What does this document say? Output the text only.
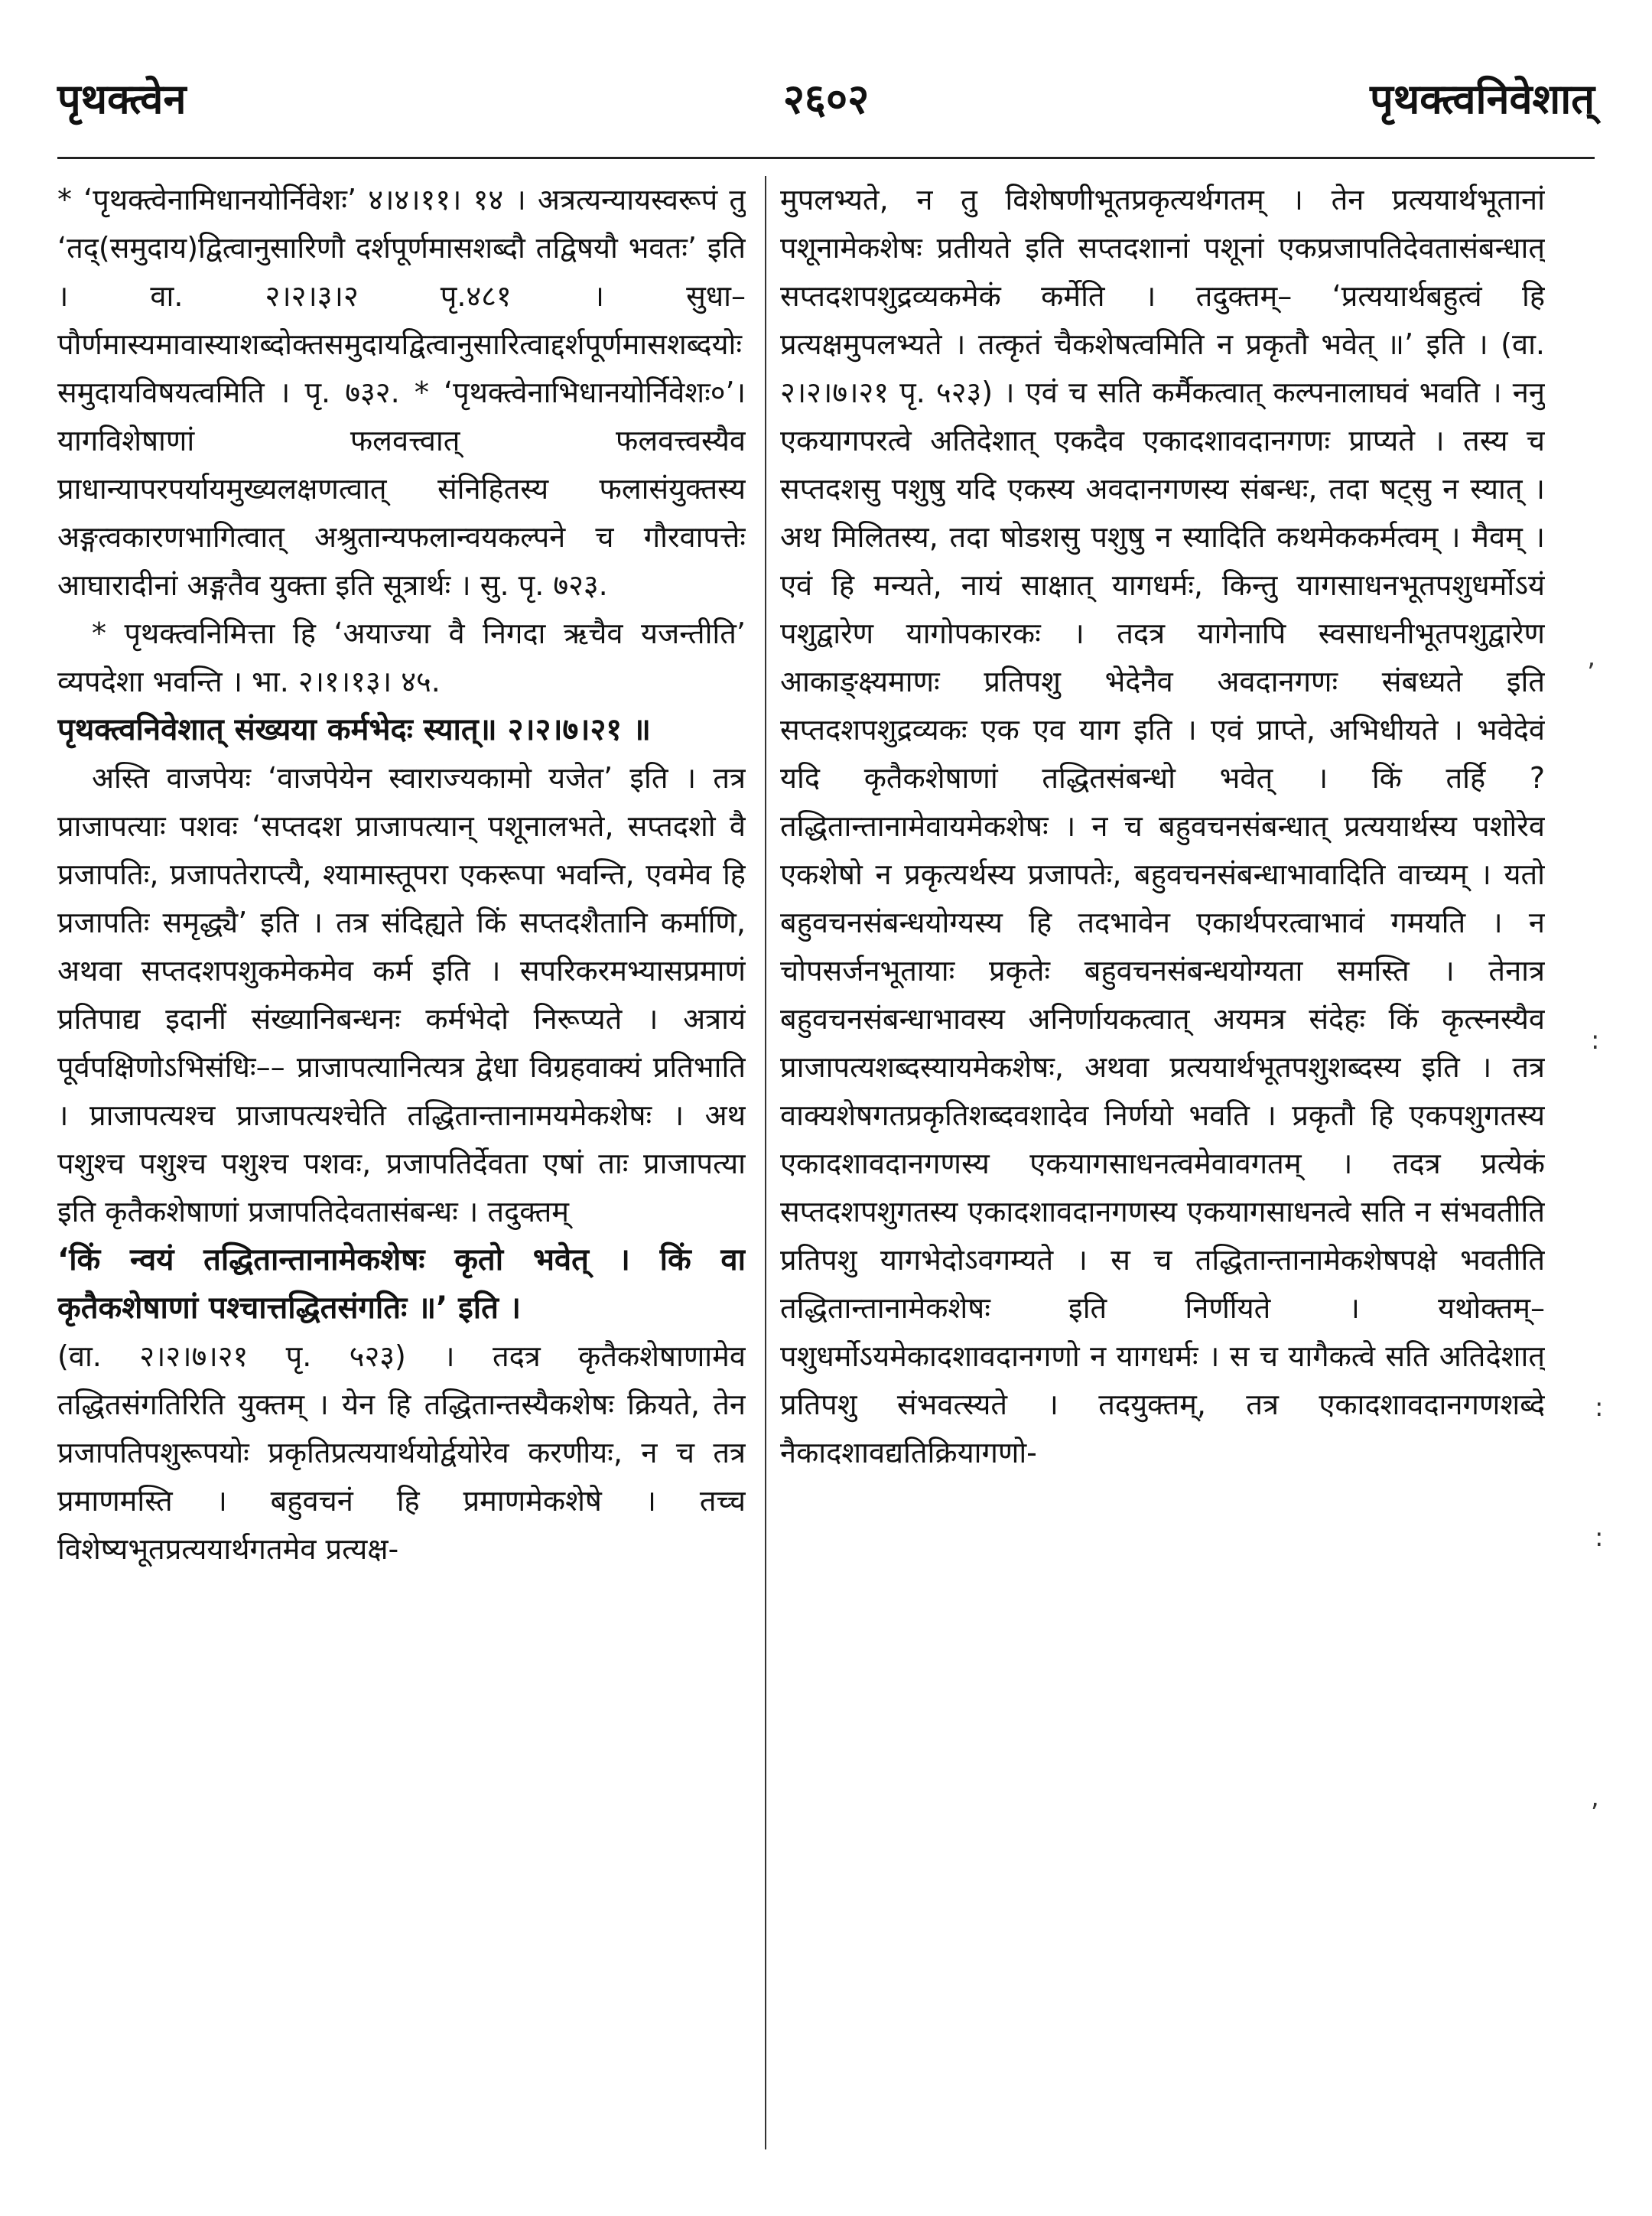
पृथक्त्वेन	२६०२	पृथक्त्वनिवेशात्
’
:
:
:
,

* ‘पृथक्त्वेनामिधानयोर्निवेशः’ ४।४।११। १४ । अत्रत्यन्यायस्वरूपं तु ‘तद्(समुदाय)द्वित्वानुसारिणौ दर्शपूर्णमासशब्दौ तद्विषयौ भवतः’ इति । वा. २।२।३।२ पृ.४८१ । सुधा– पौर्णमास्यमावास्याशब्दोक्तसमुदायद्वित्वानुसारित्वाद्दर्शपूर्णमासशब्दयोः समुदायविषयत्वमिति । पृ. ७३२. * ‘पृथक्त्वेनाभिधानयोर्निवेशः०’। यागविशेषाणां फलवत्त्वात् फलवत्त्वस्यैव प्राधान्यापरपर्यायमुख्यलक्षणत्वात् संनिहितस्य फलासंयुक्तस्य अङ्गत्वकारणभागित्वात् अश्रुतान्यफलान्वयकल्पने च गौरवापत्तेः आघारादीनां अङ्गतैव युक्ता इति सूत्रार्थः । सु. पृ. ७२३.

* पृथक्त्वनिमित्ता हि ‘अयाज्या वै निगदा ऋचैव यजन्तीति’ व्यपदेशा भवन्ति । भा. २।१।१३। ४५.

पृथक्त्वनिवेशात् संख्यया कर्मभेदः स्यात्॥ २।२।७।२१ ॥

अस्ति वाजपेयः ‘वाजपेयेन स्वाराज्यकामो यजेत’ इति । तत्र प्राजापत्याः पशवः ‘सप्तदश प्राजापत्यान् पशूनालभते, सप्तदशो वै प्रजापतिः, प्रजापतेराप्त्यै, श्यामास्तूपरा एकरूपा भवन्ति, एवमेव हि प्रजापतिः समृद्ध्यै’ इति । तत्र संदिह्यते किं सप्तदशैतानि कर्माणि, अथवा सप्तदशपशुकमेकमेव कर्म इति । सपरिकरमभ्यासप्रमाणं प्रतिपाद्य इदानीं संख्यानिबन्धनः कर्मभेदो निरूप्यते । अत्रायं पूर्वपक्षिणोऽभिसंधिः–– प्राजापत्यानित्यत्र द्वेधा विग्रहवाक्यं प्रतिभाति । प्राजापत्यश्च प्राजापत्यश्चेति तद्धितान्तानामयमेकशेषः । अथ पशुश्च पशुश्च पशुश्च पशवः, प्रजापतिर्देवता एषां ताः प्राजापत्या इति कृतैकशेषाणां प्रजापतिदेवतासंबन्धः । तदुक्तम्

‘किं न्वयं तद्धितान्तानामेकशेषः कृतो भवेत् । किं वा कृतैकशेषाणां पश्चात्तद्धितसंगतिः ॥’ इति ।

(वा. २।२।७।२१ पृ. ५२३) । तदत्र कृतैकशेषाणामेव तद्धितसंगतिरिति युक्तम् । येन हि तद्धितान्तस्यैकशेषः क्रियते, तेन प्रजापतिपशुरूपयोः प्रकृतिप्रत्ययार्थयोर्द्वयोरेव करणीयः, न च तत्र प्रमाणमस्ति । बहुवचनं हि प्रमाणमेकशेषे । तच्च विशेष्यभूतप्रत्ययार्थगतमेव प्रत्यक्ष-

मुपलभ्यते, न तु विशेषणीभूतप्रकृत्यर्थगतम् । तेन प्रत्ययार्थभूतानां पशूनामेकशेषः प्रतीयते इति सप्तदशानां पशूनां एकप्रजापतिदेवतासंबन्धात् सप्तदशपशुद्रव्यकमेकं कर्मेति । तदुक्तम्– ‘प्रत्ययार्थबहुत्वं हि प्रत्यक्षमुपलभ्यते । तत्कृतं चैकशेषत्वमिति न प्रकृतौ भवेत् ॥’ इति । (वा. २।२।७।२१ पृ. ५२३) । एवं च सति कर्मैकत्वात् कल्पनालाघवं भवति । ननु एकयागपरत्वे अतिदेशात् एकदैव एकादशावदानगणः प्राप्यते । तस्य च सप्तदशसु पशुषु यदि एकस्य अवदानगणस्य संबन्धः, तदा षट्सु न स्यात् । अथ मिलितस्य, तदा षोडशसु पशुषु न स्यादिति कथमेककर्मत्वम् । मैवम् । एवं हि मन्यते, नायं साक्षात् यागधर्मः, किन्तु यागसाधनभूतपशुधर्मोऽयं पशुद्वारेण यागोपकारकः । तदत्र यागेनापि स्वसाधनीभूतपशुद्वारेण आकाङ्क्ष्यमाणः प्रतिपशु भेदेनैव अवदानगणः संबध्यते इति सप्तदशपशुद्रव्यकः एक एव याग इति । एवं प्राप्ते, अभिधीयते । भवेदेवं यदि कृतैकशेषाणां तद्धितसंबन्धो भवेत् । किं तर्हि ? तद्धितान्तानामेवायमेकशेषः । न च बहुवचनसंबन्धात् प्रत्ययार्थस्य पशोरेव एकशेषो न प्रकृत्यर्थस्य प्रजापतेः, बहुवचनसंबन्धाभावादिति वाच्यम् । यतो बहुवचनसंबन्धयोग्यस्य हि तदभावेन एकार्थपरत्वाभावं गमयति । न चोपसर्जनभूतायाः प्रकृतेः बहुवचनसंबन्धयोग्यता समस्ति । तेनात्र बहुवचनसंबन्धाभावस्य अनिर्णायकत्वात् अयमत्र संदेहः किं कृत्स्नस्यैव प्राजापत्यशब्दस्यायमेकशेषः, अथवा प्रत्ययार्थभूतपशुशब्दस्य इति । तत्र वाक्यशेषगतप्रकृतिशब्दवशादेव निर्णयो भवति । प्रकृतौ हि एकपशुगतस्य एकादशावदानगणस्य एकयागसाधनत्वमेवावगतम् । तदत्र प्रत्येकं सप्तदशपशुगतस्य एकादशावदानगणस्य एकयागसाधनत्वे सति न संभवतीति प्रतिपशु यागभेदोऽवगम्यते । स च तद्धितान्तानामेकशेषपक्षे भवतीति तद्धितान्तानामेकशेषः इति निर्णीयते । यथोक्तम्– पशुधर्मोऽयमेकादशावदानगणो न यागधर्मः । स च यागैकत्वे सति अतिदेशात् प्रतिपशु संभवत्स्यते । तदयुक्तम्, तत्र एकादशावदानगणशब्दे नैकादशावद्यतिक्रियागणो-
